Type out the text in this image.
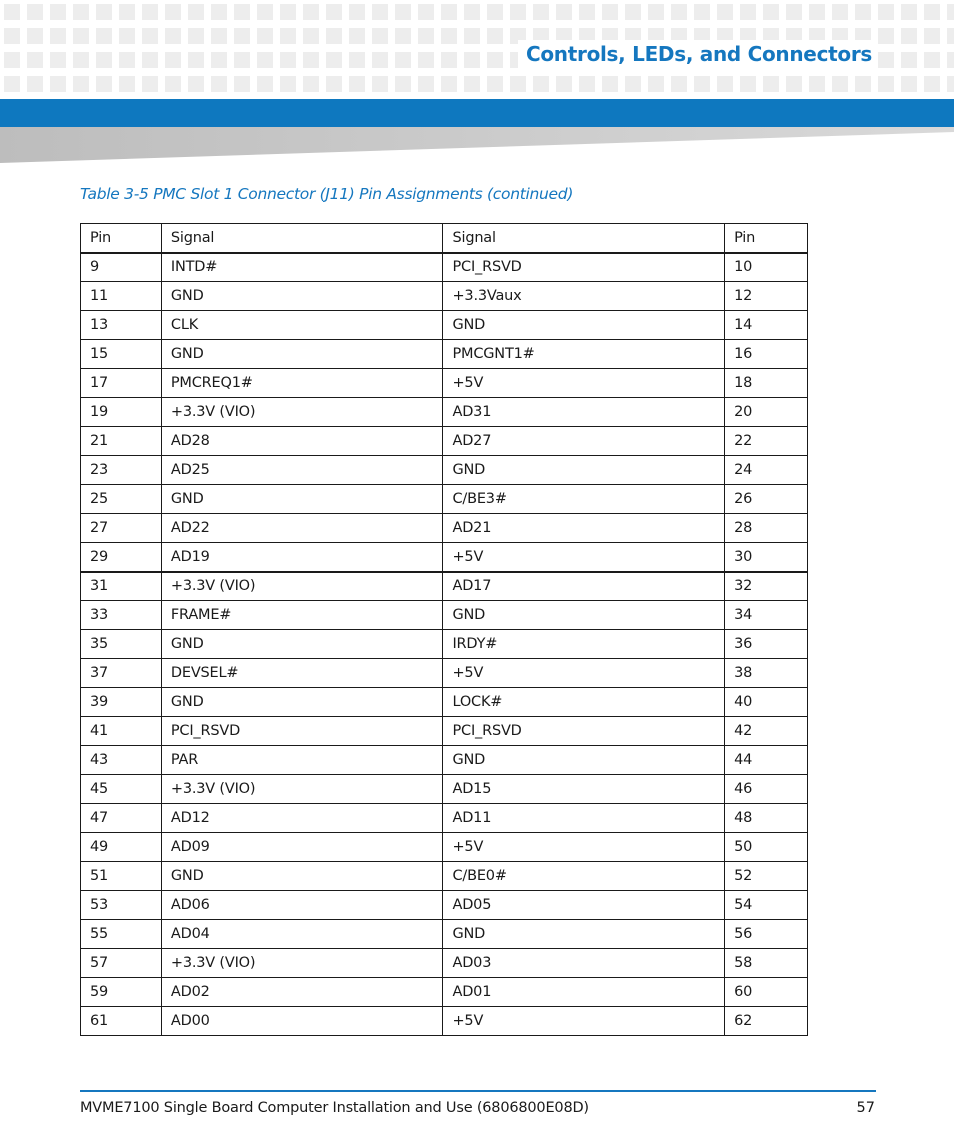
Controls, LEDs, and Connectors
Table 3-5 PMC Slot 1 Connector (J11) Pin Assignments (continued)
Pin	Signal	Signal	Pin
9	INTD#	PCI_RSVD	10
11	GND	+3.3Vaux	12
13	CLK	GND	14
15	GND	PMCGNT1#	16
17	PMCREQ1#	+5V	18
19	+3.3V (VIO)	AD31	20
21	AD28	AD27	22
23	AD25	GND	24
25	GND	C/BE3#	26
27	AD22	AD21	28
29	AD19	+5V	30
31	+3.3V (VIO)	AD17	32
33	FRAME#	GND	34
35	GND	IRDY#	36
37	DEVSEL#	+5V	38
39	GND	LOCK#	40
41	PCI_RSVD	PCI_RSVD	42
43	PAR	GND	44
45	+3.3V (VIO)	AD15	46
47	AD12	AD11	48
49	AD09	+5V	50
51	GND	C/BE0#	52
53	AD06	AD05	54
55	AD04	GND	56
57	+3.3V (VIO)	AD03	58
59	AD02	AD01	60
61	AD00	+5V	62
MVME7100 Single Board Computer Installation and Use (6806800E08D)	57
